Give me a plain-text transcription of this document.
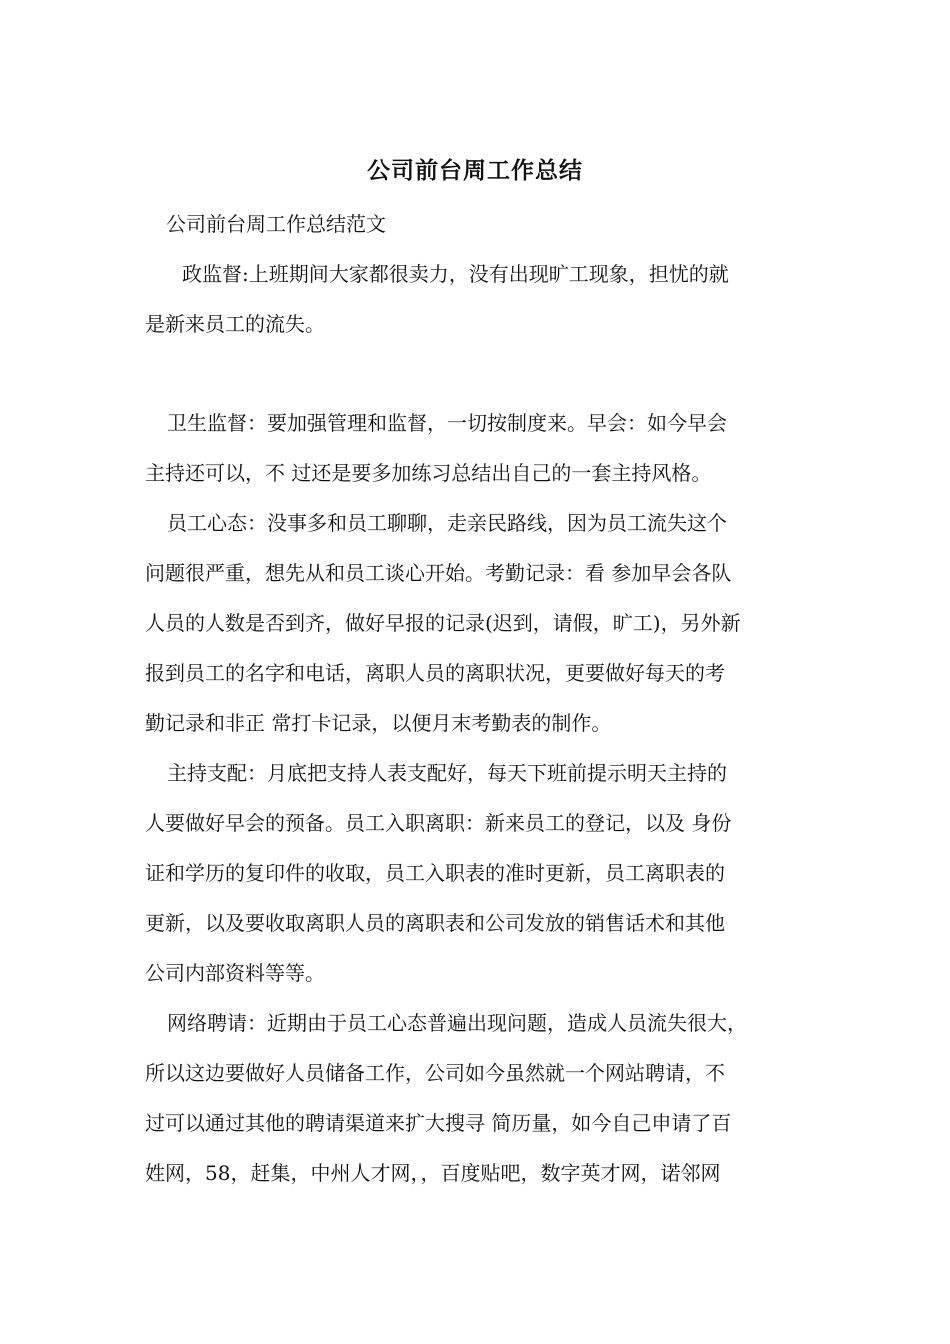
公司前台周工作总结
公司前台周工作总结范文
政监督:上班期间大家都很卖力，没有出现旷工现象，担忧的就
是新来员工的流失。
卫生监督：要加强管理和监督，一切按制度来。早会：如今早会
主持还可以，不 过还是要多加练习总结出自己的一套主持风格。
员工心态：没事多和员工聊聊，走亲民路线，因为员工流失这个
问题很严重，想先从和员工谈心开始。考勤记录：看 参加早会各队
人员的人数是否到齐，做好早报的记录(迟到，请假，旷工)，另外新
报到员工的名字和电话，离职人员的离职状况，更要做好每天的考
勤记录和非正 常打卡记录，以便月末考勤表的制作。
主持支配：月底把支持人表支配好，每天下班前提示明天主持的
人要做好早会的预备。员工入职离职：新来员工的登记，以及 身份
证和学历的复印件的收取，员工入职表的准时更新，员工离职表的
更新，以及要收取离职人员的离职表和公司发放的销售话术和其他
公司内部资料等等。
网络聘请：近期由于员工心态普遍出现问题，造成人员流失很大，
所以这边要做好人员储备工作，公司如今虽然就一个网站聘请，不
过可以通过其他的聘请渠道来扩大搜寻 简历量，如今自己申请了百
姓网，58，赶集，中州人才网，，百度贴吧，数字英才网，诺邻网
